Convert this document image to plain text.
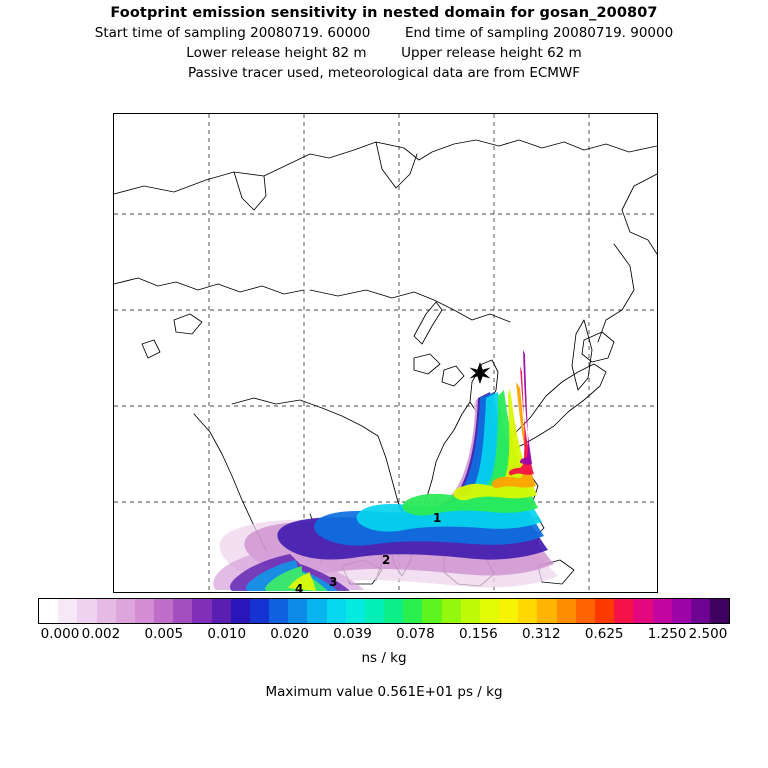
Footprint emission sensitivity in nested domain for gosan_200807
Start time of sampling 20080719. 60000	End time of sampling 20080719. 90000
Lower release height 82 m	Upper release height 62 m
Passive tracer used, meteorological data are from ECMWF
1
2
3
4
0.000 0.002 0.005 0.010 0.020 0.039 0.078 0.156 0.312 0.625 1.250 2.500
ns / kg
Maximum value 0.561E+01 ps / kg
